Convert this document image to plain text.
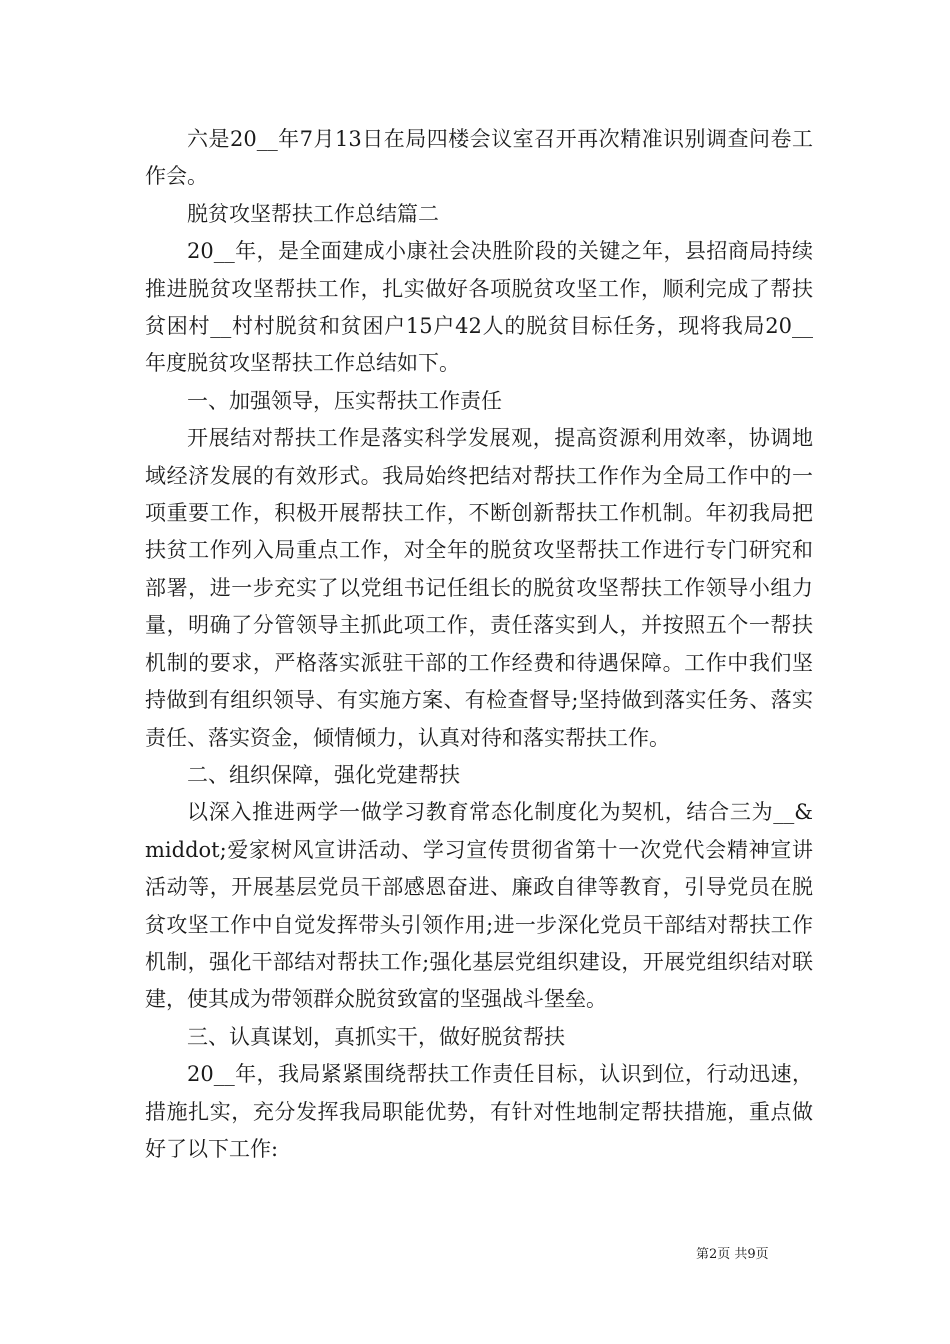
六是20__年7月13日在局四楼会议室召开再次精准识别调查问卷工作会。

脱贫攻坚帮扶工作总结篇二

20__年，是全面建成小康社会决胜阶段的关键之年，县招商局持续推进脱贫攻坚帮扶工作，扎实做好各项脱贫攻坚工作，顺利完成了帮扶贫困村__村村脱贫和贫困户15户42人的脱贫目标任务，现将我局20__年度脱贫攻坚帮扶工作总结如下。

一、加强领导，压实帮扶工作责任

开展结对帮扶工作是落实科学发展观，提高资源利用效率，协调地域经济发展的有效形式。我局始终把结对帮扶工作作为全局工作中的一项重要工作，积极开展帮扶工作，不断创新帮扶工作机制。年初我局把扶贫工作列入局重点工作，对全年的脱贫攻坚帮扶工作进行专门研究和部署，进一步充实了以党组书记任组长的脱贫攻坚帮扶工作领导小组力量，明确了分管领导主抓此项工作，责任落实到人，并按照五个一帮扶机制的要求，严格落实派驻干部的工作经费和待遇保障。工作中我们坚持做到有组织领导、有实施方案、有检查督导;坚持做到落实任务、落实责任、落实资金，倾情倾力，认真对待和落实帮扶工作。

二、组织保障，强化党建帮扶

以深入推进两学一做学习教育常态化制度化为契机，结合三为__&middot;爱家树风宣讲活动、学习宣传贯彻省第十一次党代会精神宣讲活动等，开展基层党员干部感恩奋进、廉政自律等教育，引导党员在脱贫攻坚工作中自觉发挥带头引领作用;进一步深化党员干部结对帮扶工作机制，强化干部结对帮扶工作;强化基层党组织建设，开展党组织结对联建，使其成为带领群众脱贫致富的坚强战斗堡垒。

三、认真谋划，真抓实干，做好脱贫帮扶

20__年，我局紧紧围绕帮扶工作责任目标，认识到位，行动迅速，措施扎实，充分发挥我局职能优势，有针对性地制定帮扶措施，重点做好了以下工作:

第2页 共9页
